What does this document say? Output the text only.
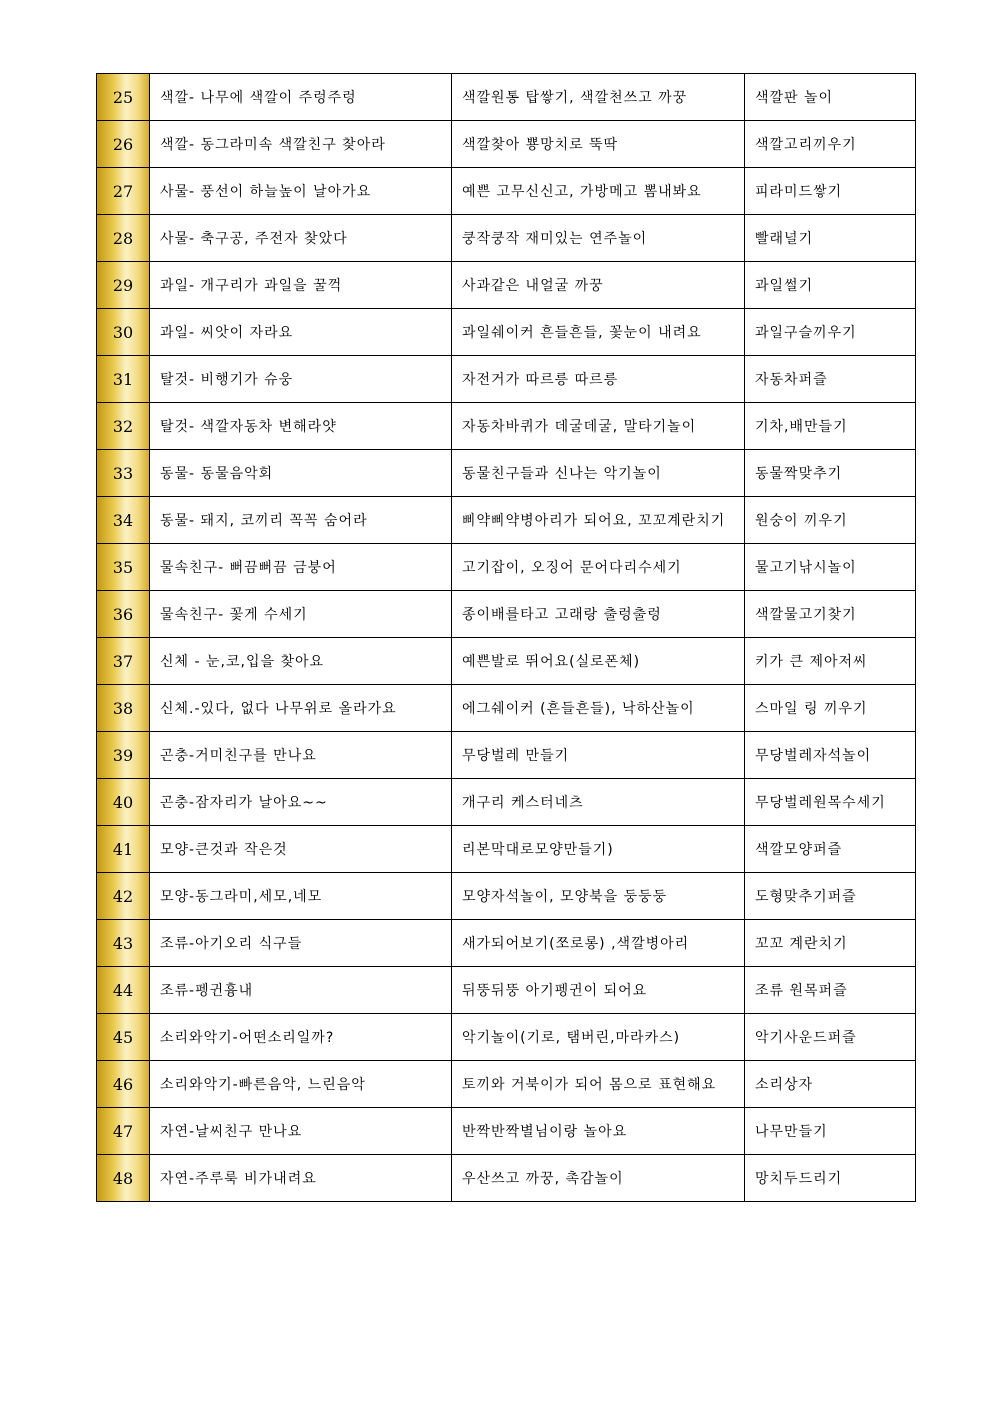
25	색깔- 나무에 색깔이 주렁주렁	색깔원통 탑쌓기, 색깔천쓰고 까꿍	색깔판 놀이
26	색깔- 동그라미속 색깔친구 찾아라	색깔찾아 뿅망치로 뚝딱	색깔고리끼우기
27	사물- 풍선이 하늘높이 날아가요	예쁜 고무신신고, 가방메고 뽐내봐요	피라미드쌓기
28	사물- 축구공, 주전자 찾았다	쿵작쿵작 재미있는 연주놀이	빨래널기
29	과일- 개구리가 과일을 꿀꺽	사과같은 내얼굴 까꿍	과일썰기
30	과일- 씨앗이 자라요	과일쉐이커 흔들흔들, 꽃눈이 내려요	과일구슬끼우기
31	탈것- 비행기가 슈웅	자전거가 따르릉 따르릉	자동차퍼즐
32	탈것- 색깔자동차 변해라얏	자동차바퀴가 데굴데굴, 말타기놀이	기차,배만들기
33	동물- 동물음악회	동물친구들과 신나는 악기놀이	동물짝맞추기
34	동물- 돼지, 코끼리 꼭꼭 숨어라	삐약삐약병아리가 되어요, 꼬꼬계란치기	원숭이 끼우기
35	물속친구- 뻐끔뻐끔 금붕어	고기잡이, 오징어 문어다리수세기	물고기낚시놀이
36	물속친구- 꽃게 수세기	종이배를타고 고래랑 출렁출렁	색깔물고기찾기
37	신체 - 눈,코,입을 찾아요	예쁜발로 뛰어요(실로폰체)	키가 큰 제아저씨
38	신체.-있다, 없다 나무위로 올라가요	에그쉐이커 (흔들흔들), 낙하산놀이	스마일 링 끼우기
39	곤충-거미친구를 만나요	무당벌레 만들기	무당벌레자석놀이
40	곤충-잠자리가 날아요~~	개구리 케스터네츠	무당벌레원목수세기
41	모양-큰것과 작은것	리본막대로모양만들기)	색깔모양퍼즐
42	모양-동그라미,세모,네모	모양자석놀이, 모양북을 둥둥둥	도형맞추기퍼즐
43	조류-아기오리 식구들	새가되어보기(쪼로롱) ,색깔병아리	꼬꼬 계란치기
44	조류-펭귄흉내	뒤뚱뒤뚱 아기펭귄이 되어요	조류 원목퍼즐
45	소리와악기-어떤소리일까?	악기놀이(기로, 탬버린,마라카스)	악기사운드퍼즐
46	소리와악기-빠른음악, 느린음악	토끼와 거북이가 되어 몸으로 표현해요	소리상자
47	자연-날씨친구 만나요	반짝반짝별님이랑 놀아요	나무만들기
48	자연-주루룩 비가내려요	우산쓰고 까꿍, 촉감놀이	망치두드리기
